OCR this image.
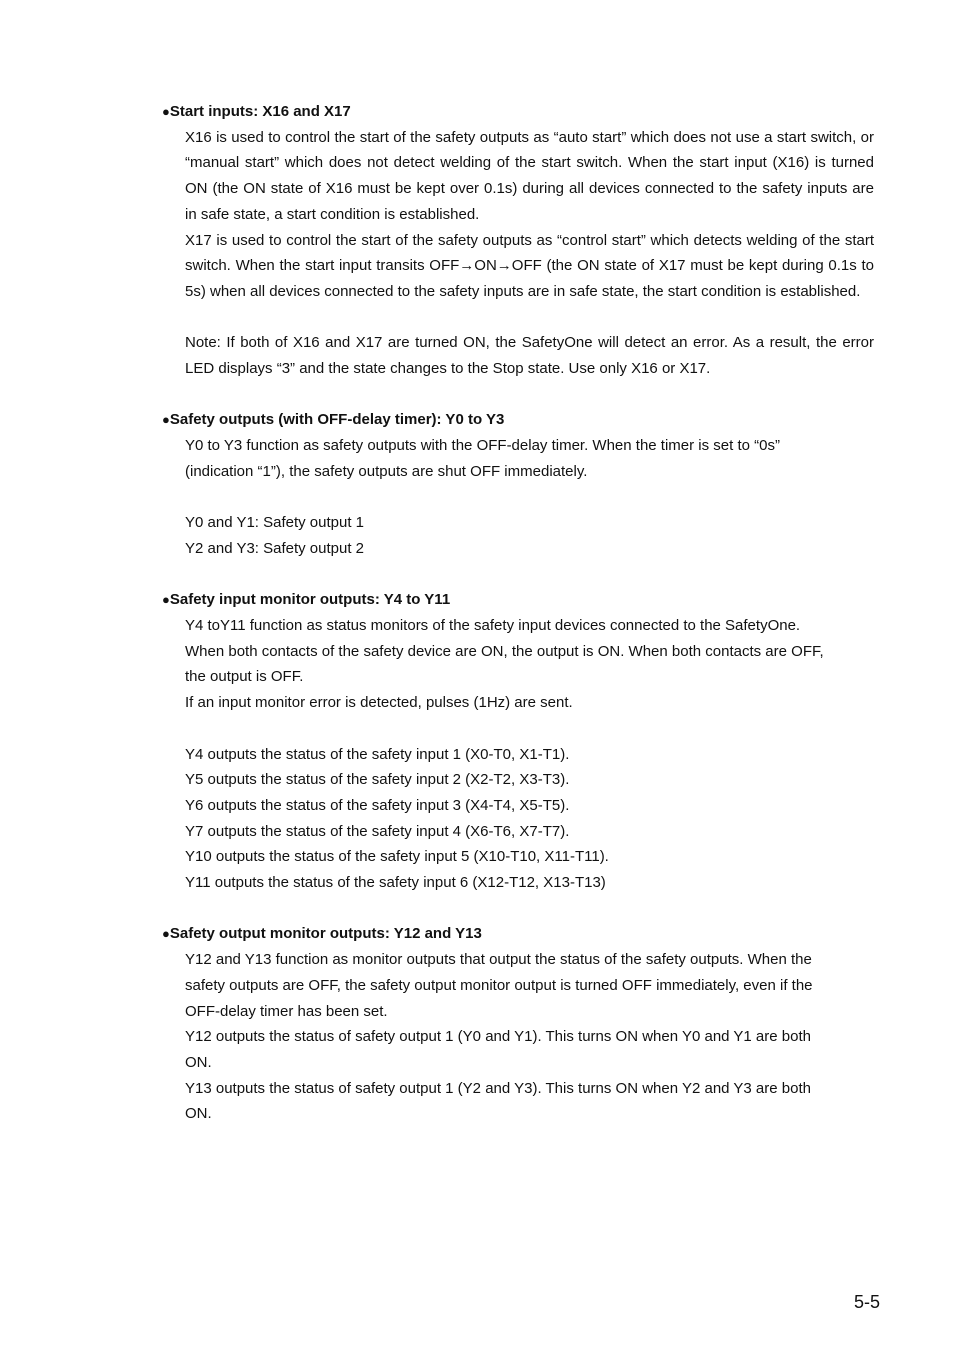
●Start inputs: X16 and X17

X16 is used to control the start of the safety outputs as “auto start” which does not use a start switch, or “manual start” which does not detect welding of the start switch. When the start input (X16) is turned ON (the ON state of X16 must be kept over 0.1s) during all devices connected to the safety inputs are in safe state, a start condition is established.

X17 is used to control the start of the safety outputs as “control start” which detects welding of the start switch. When the start input transits OFF→ON→OFF (the ON state of X17 must be kept during 0.1s to 5s) when all devices connected to the safety inputs are in safe state, the start condition is established.

Note: If both of X16 and X17 are turned ON, the SafetyOne will detect an error. As a result, the error LED displays “3” and the state changes to the Stop state. Use only X16 or X17.

●Safety outputs (with OFF-delay timer): Y0 to Y3

Y0 to Y3 function as safety outputs with the OFF-delay timer. When the timer is set to “0s”

(indication “1”), the safety outputs are shut OFF immediately.

Y0 and Y1: Safety output 1

Y2 and Y3: Safety output 2

●Safety input monitor outputs: Y4 to Y11

Y4 toY11 function as status monitors of the safety input devices connected to the SafetyOne.

When both contacts of the safety device are ON, the output is ON. When both contacts are OFF,

the output is OFF.

If an input monitor error is detected, pulses (1Hz) are sent.

Y4 outputs the status of the safety input 1 (X0-T0, X1-T1).

Y5 outputs the status of the safety input 2 (X2-T2, X3-T3).

Y6 outputs the status of the safety input 3 (X4-T4, X5-T5).

Y7 outputs the status of the safety input 4 (X6-T6, X7-T7).

Y10 outputs the status of the safety input 5 (X10-T10, X11-T11).

Y11 outputs the status of the safety input 6 (X12-T12, X13-T13)

●Safety output monitor outputs: Y12 and Y13

Y12 and Y13 function as monitor outputs that output the status of the safety outputs. When the

safety outputs are OFF, the safety output monitor output is turned OFF immediately, even if the

OFF-delay timer has been set.

Y12 outputs the status of safety output 1 (Y0 and Y1). This turns ON when Y0 and Y1 are both

ON.

Y13 outputs the status of safety output 1 (Y2 and Y3). This turns ON when Y2 and Y3 are both

ON.

5-5
